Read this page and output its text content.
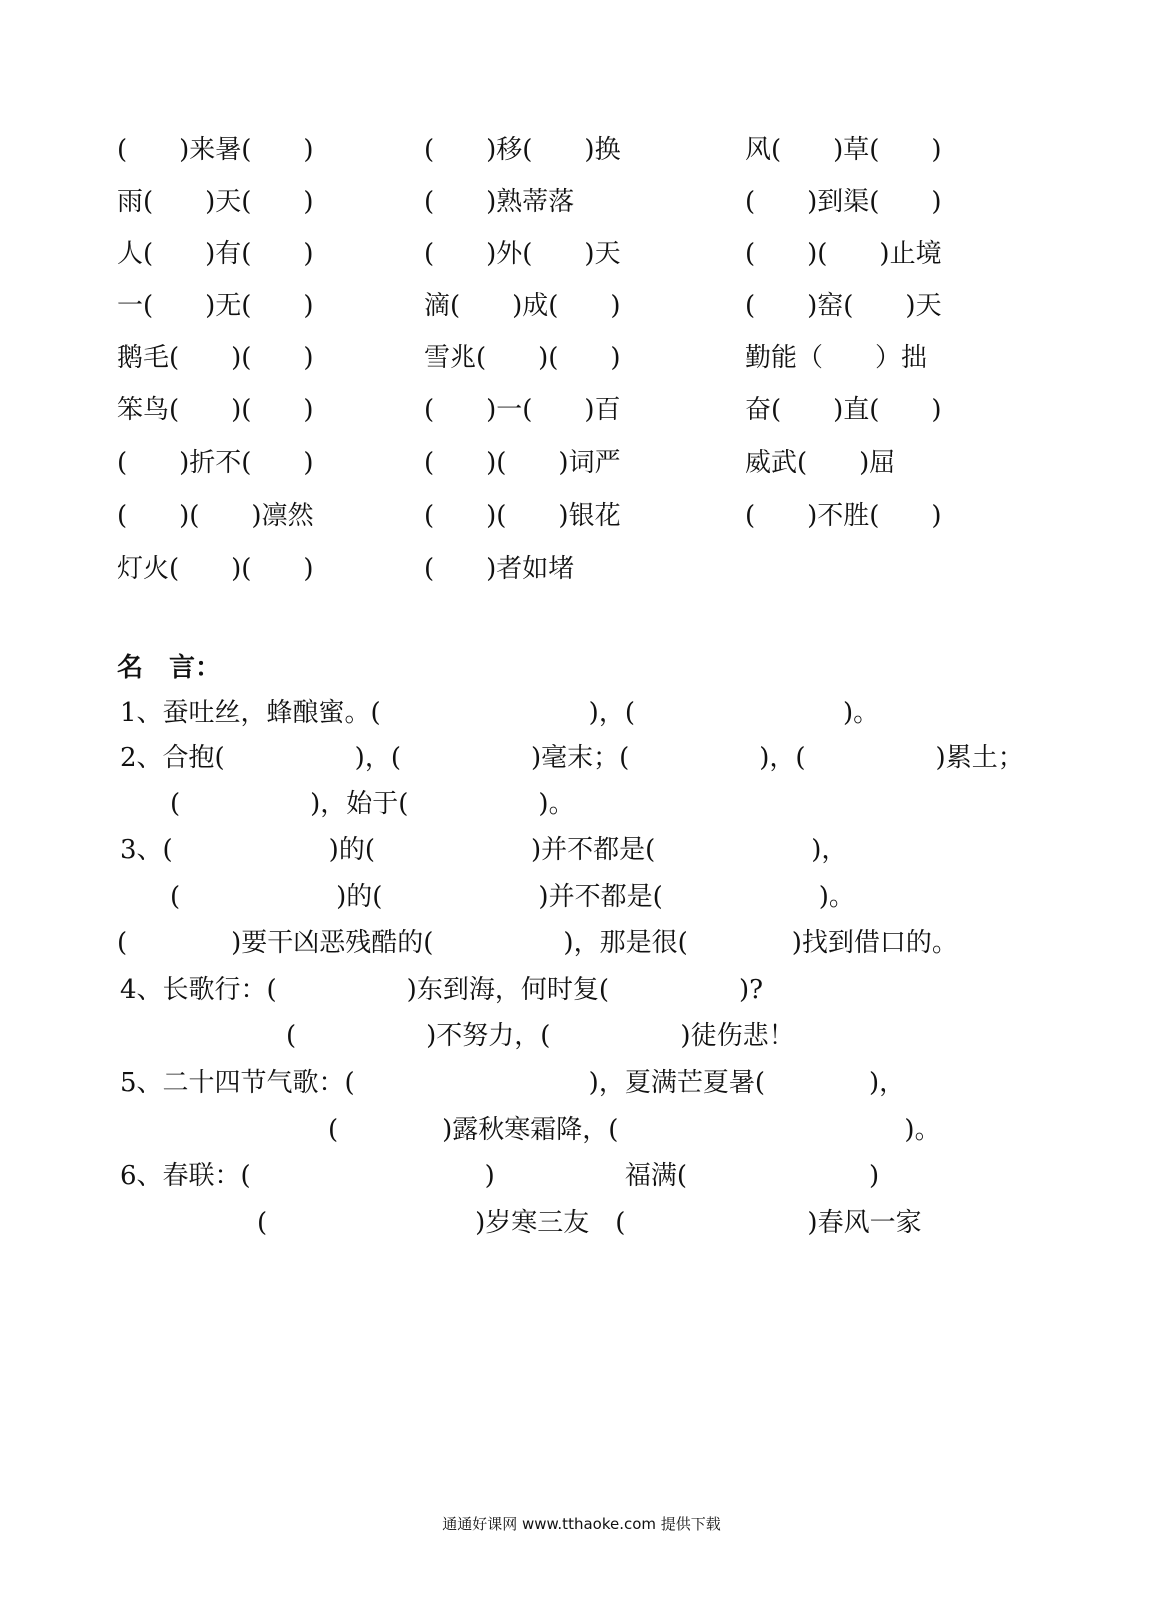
(　　)来暑(　　)	(　　)移(　　)换	风(　　)草(　　)
雨(　　)天(　　)	(　　)熟蒂落	(　　)到渠(　　)
人(　　)有(　　)	(　　)外(　　)天	(　　)(　　)止境
一(　　)无(　　)	滴(　　)成(　　)	(　　)窑(　　)天
鹅毛(　　)(　　)	雪兆(　　)(　　)	勤能（　　）拙
笨鸟(　　)(　　)	(　　)一(　　)百	奋(　　)直(　　)
(　　)折不(　　)	(　　)(　　)词严	威武(　　)屈
(　　)(　　)凛然	(　　)(　　)银花	(　　)不胜(　　)
灯火(　　)(　　)	(　　)者如堵
名　言：
1、蚕吐丝，蜂酿蜜。(　　　　　　　　)，(　　　　　　　　)。
2、合抱(　　　　　)，(　　　　　)毫末；(　　　　　)，(　　　　　)累土；
(　　　　　)，始于(　　　　　)。
3、(　　　　　　)的(　　　　　　)并不都是(　　　　　　)，
(　　　　　　)的(　　　　　　)并不都是(　　　　　　)。
(　　　　)要干凶恶残酷的(　　　　　)，那是很(　　　　)找到借口的。
4、长歌行：(　　　　　)东到海，何时复(　　　　　)?
(　　　　　)不努力，(　　　　　)徒伤悲！
5、二十四节气歌：(　　　　　　　　　)，夏满芒夏暑(　　　　)，
(　　　　)露秋寒霜降，(　　　　　　　　　　　)。
6、春联：(　　　　　　　　　)　　　　　福满(　　　　　　　)
(　　　　　　　　)岁寒三友　(　　　　　　　)春风一家
通通好课网 www.tthaoke.com 提供下载
